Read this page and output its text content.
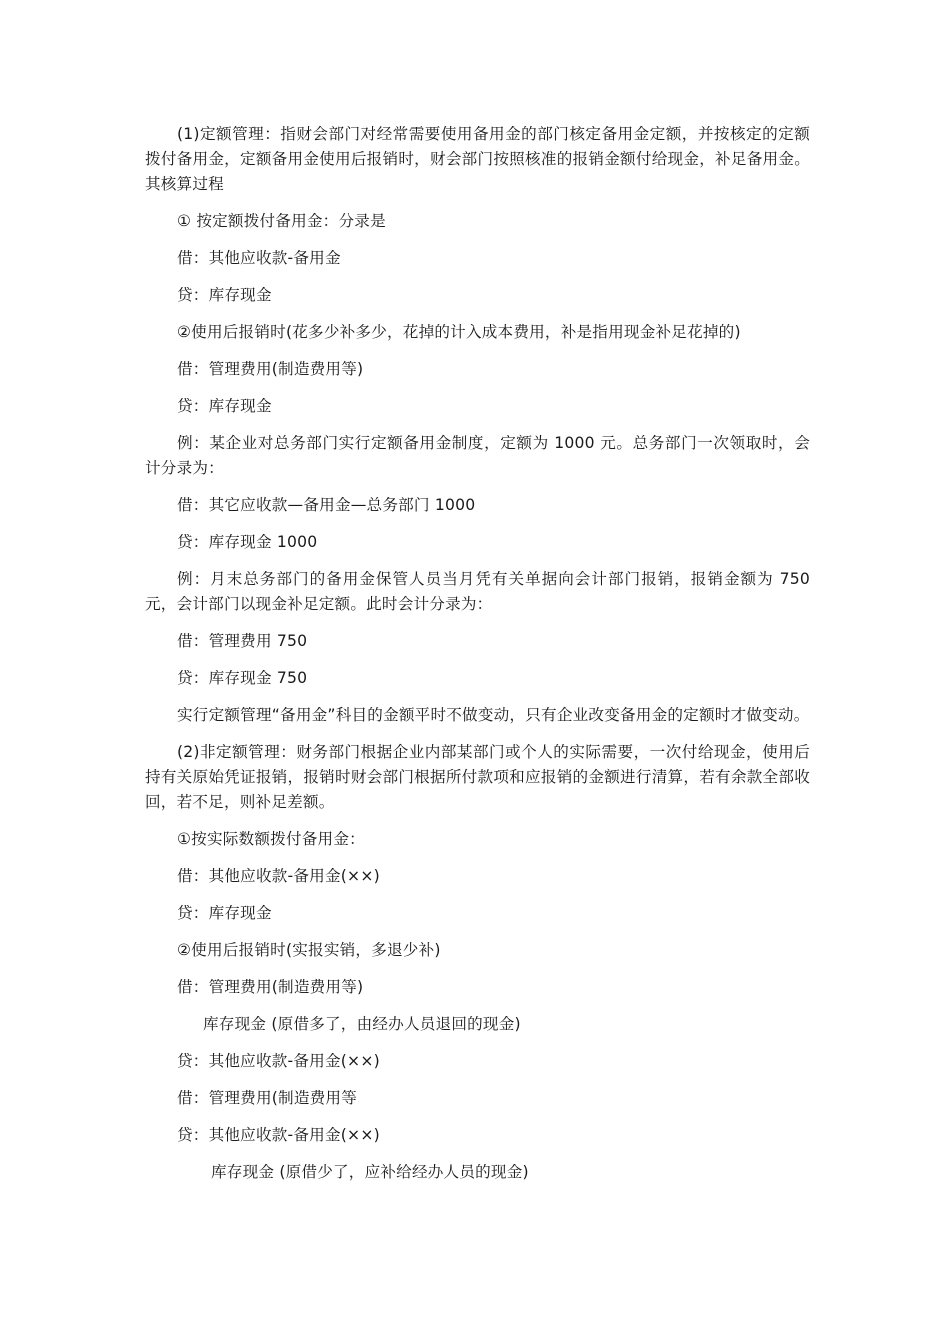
(1)定额管理：指财会部门对经常需要使用备用金的部门核定备用金定额，并按核定的定额拨付备用金，定额备用金使用后报销时，财会部门按照核准的报销金额付给现金，补足备用金。其核算过程

① 按定额拨付备用金：分录是

借：其他应收款-备用金

贷：库存现金

②使用后报销时(花多少补多少，花掉的计入成本费用，补是指用现金补足花掉的)

借：管理费用(制造费用等)

贷：库存现金

例：某企业对总务部门实行定额备用金制度，定额为 1000 元。总务部门一次领取时，会计分录为：

借：其它应收款—备用金—总务部门 1000

贷：库存现金 1000

例：月末总务部门的备用金保管人员当月凭有关单据向会计部门报销，报销金额为 750 元，会计部门以现金补足定额。此时会计分录为：

借：管理费用 750

贷：库存现金 750

实行定额管理“备用金”科目的金额平时不做变动，只有企业改变备用金的定额时才做变动。

(2)非定额管理：财务部门根据企业内部某部门或个人的实际需要，一次付给现金，使用后持有关原始凭证报销，报销时财会部门根据所付款项和应报销的金额进行清算，若有余款全部收回，若不足，则补足差额。

①按实际数额拨付备用金：

借：其他应收款-备用金(××)

贷：库存现金

②使用后报销时(实报实销，多退少补)

借：管理费用(制造费用等)

库存现金 (原借多了，由经办人员退回的现金)

贷：其他应收款-备用金(××)

借：管理费用(制造费用等

贷：其他应收款-备用金(××)

库存现金 (原借少了，应补给经办人员的现金)
